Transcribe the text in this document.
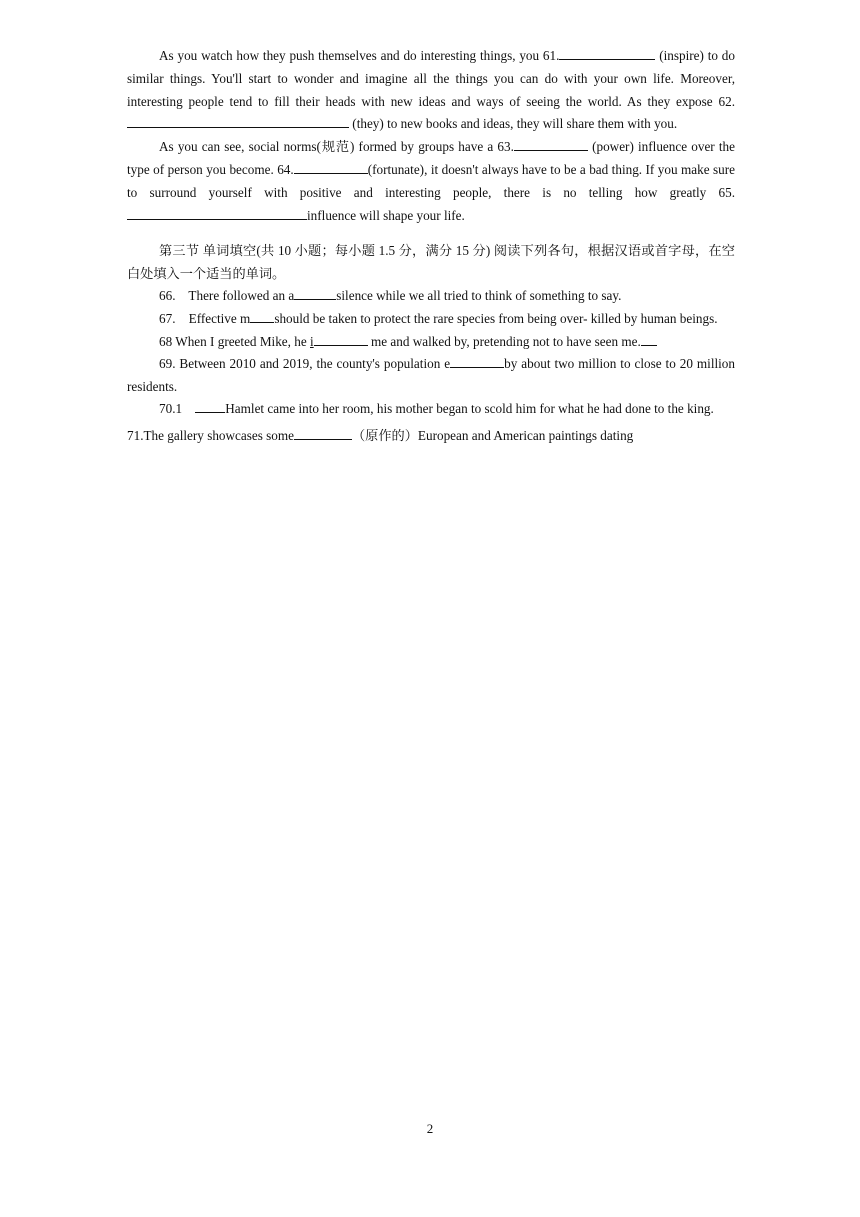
As you watch how they push themselves and do interesting things, you 61.	(inspire) to do similar things. You'll start to wonder and imagine all the things you can do with your own life. Moreover, interesting people tend to fill their heads with new ideas and ways of seeing the world. As they expose 62. (they) to new books and ideas, they will share them with you.

As you can see, social norms(规范) formed by groups have a 63.	(power) influence over the type of person you become. 64.	(fortunate), it doesn't always have to be a bad thing. If you make sure to surround yourself with positive and interesting people, there is no telling how greatly 65.influence will shape your life.

第三节 单词填空(共 10 小题；每小题 1.5 分，满分 15 分) 阅读下列各句，根据汉语或首字母，在空白处填入一个适当的单词。

66.    There followed an a	silence while we all tried to think of something to say.

67.    Effective m should be taken to protect the rare species from being over- killed by human beings.

68 When I greeted Mike, he i	me and walked by, pretending not to have seen me.

69. Between 2010 and 2019, the county's population e	by about two million to close to 20 million residents.

70.1    Hamlet came into her room, his mother began to scold him for what he had done to the king.

71.The gallery showcases some	（原作的）European and American paintings dating

2
